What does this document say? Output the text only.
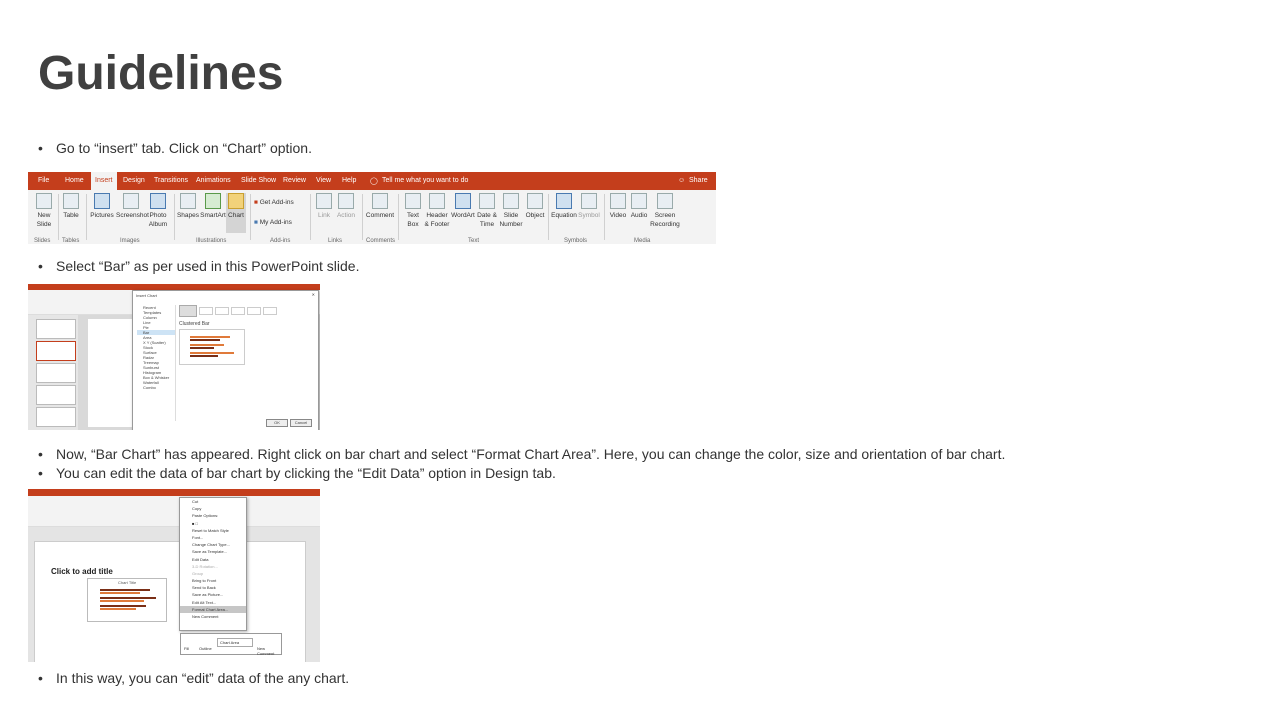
Guidelines
• Go to “insert” tab. Click on “Chart” option.
File Home	Insert	Design Transitions Animations Slide Show Review View Help ◯ Tell me what you want to do	☺ Share
New Slide
Table	Pictures Screenshot Photo Album
Shapes SmartArt Chart
■ Get Add-ins
■ My Add-ins
Link	Action	Comment	Text Box
Header & Footer
WordArt Date & Time
Slide Number
Object Equation Symbol Video Audio	Screen Recording
Slides Tables	Images	Illustrations	Add-ins	Links	Comments	Text	Symbols	Media
• Select “Bar” as per used in this PowerPoint slide.
Insert Chart	✕
Recent
Templates
Column
Line
Pie
Bar
Area
X Y (Scatter)
Stock
Surface
Radar
Treemap
Sunburst
Histogram
Box & Whisker
Waterfall
Combo
Clustered Bar
OK	Cancel
• Now, “Bar Chart” has appeared. Right click on bar chart and select “Format Chart Area”. Here, you can change the color, size and orientation of bar chart.
• You can edit the data of bar chart by clicking the “Edit Data” option in Design tab.
Click to add title
Chart Title
Cut
Copy
Paste Options:
■ □
Reset to Match Style
Font...
Change Chart Type...
Save as Template...
Edit Data
3-D Rotation...
Group
Bring to Front
Send to Back
Save as Picture...
Edit Alt Text...
Format Chart Area...
New Comment
Fill Outline
Chart Area
New Comment
• In this way, you can “edit” data of the any chart.
